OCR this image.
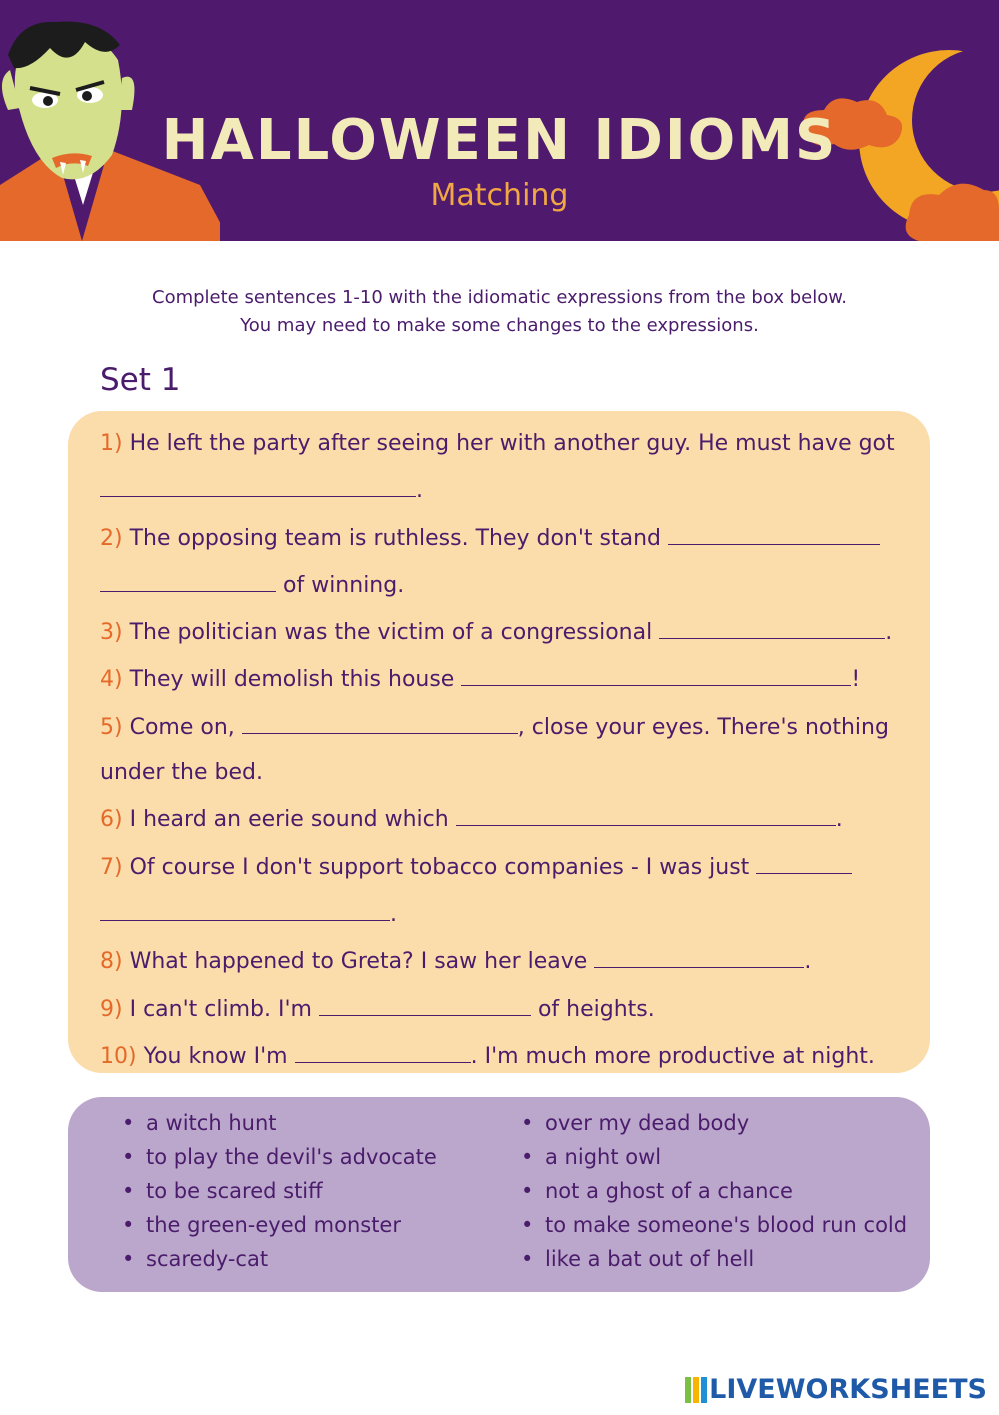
HALLOWEEN IDIOMS
Matching
Complete sentences 1-10 with the idiomatic expressions from the box below.
You may need to make some changes to the expressions.
Set 1

1) He left the party after seeing her with another guy. He must have got .

2) The opposing team is ruthless. They don't stand
of winning.

3) The politician was the victim of a congressional	.

4) They will demolish this house	!

5) Come on,	, close your eyes. There's nothing under the bed.

6) I heard an eerie sound which	.

7) Of course I don't support tobacco companies - I was just
.

8) What happened to Greta? I saw her leave	.

9) I can't climb. I'm	of heights.

10) You know I'm	. I'm much more productive at night.

• a witch hunt
• to play the devil's advocate
• to be scared stiff
• the green-eyed monster
• scaredy-cat
• over my dead body
• a night owl
• not a ghost of a chance
• to make someone's blood run cold
• like a bat out of hell
LIVEWORKSHEETS
